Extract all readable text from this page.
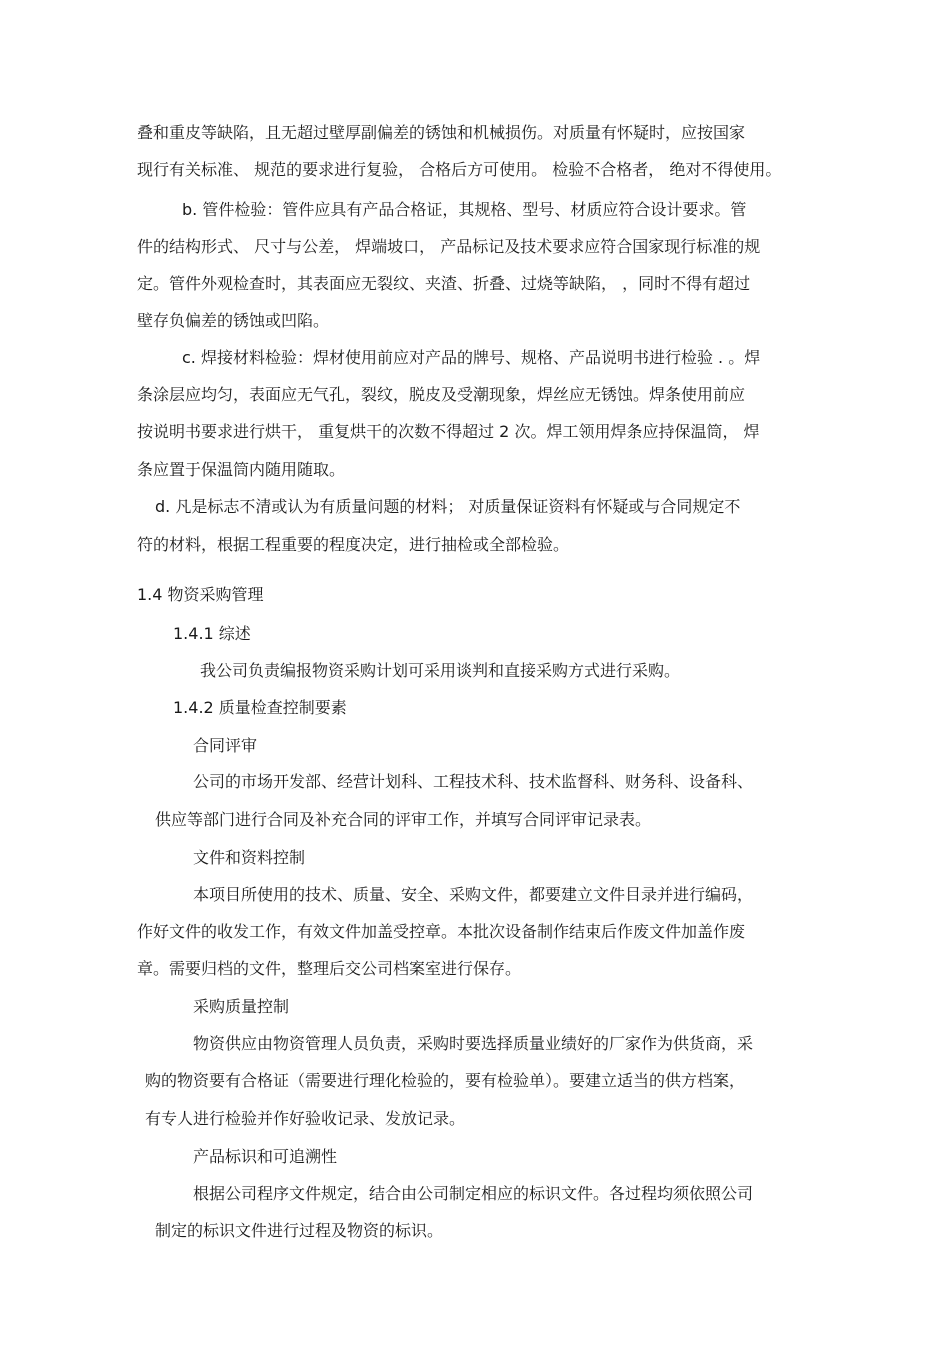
叠和重皮等缺陷，且无超过壁厚副偏差的锈蚀和机械损伤。对质量有怀疑时，应按国家

现行有关标准、 规范的要求进行复验， 合格后方可使用。 检验不合格者， 绝对不得使用。

b. 管件检验：管件应具有产品合格证，其规格、型号、材质应符合设计要求。管

件的结构形式、 尺寸与公差， 焊端坡口， 产品标记及技术要求应符合国家现行标准的规

定。管件外观检查时，其表面应无裂纹、夹渣、折叠、过烧等缺陷， ，同时不得有超过

壁存负偏差的锈蚀或凹陷。

c. 焊接材料检验：焊材使用前应对产品的牌号、规格、产品说明书进行检验 . 。焊

条涂层应均匀，表面应无气孔，裂纹，脱皮及受潮现象，焊丝应无锈蚀。焊条使用前应

按说明书要求进行烘干， 重复烘干的次数不得超过 2 次。焊工领用焊条应持保温筒， 焊

条应置于保温筒内随用随取。

d. 凡是标志不清或认为有质量问题的材料； 对质量保证资料有怀疑或与合同规定不

符的材料，根据工程重要的程度决定，进行抽检或全部检验。

1.4 物资采购管理

1.4.1 综述

我公司负责编报物资采购计划可采用谈判和直接采购方式进行采购。

1.4.2 质量检查控制要素

合同评审

公司的市场开发部、经营计划科、工程技术科、技术监督科、财务科、设备科、

供应等部门进行合同及补充合同的评审工作，并填写合同评审记录表。

文件和资料控制

本项目所使用的技术、质量、安全、采购文件，都要建立文件目录并进行编码，

作好文件的收发工作，有效文件加盖受控章。本批次设备制作结束后作废文件加盖作废

章。需要归档的文件，整理后交公司档案室进行保存。

采购质量控制

物资供应由物资管理人员负责，采购时要选择质量业绩好的厂家作为供货商，采

购的物资要有合格证（需要进行理化检验的，要有检验单）。要建立适当的供方档案，

有专人进行检验并作好验收记录、发放记录。

产品标识和可追溯性

根据公司程序文件规定，结合由公司制定相应的标识文件。各过程均须依照公司

制定的标识文件进行过程及物资的标识。
